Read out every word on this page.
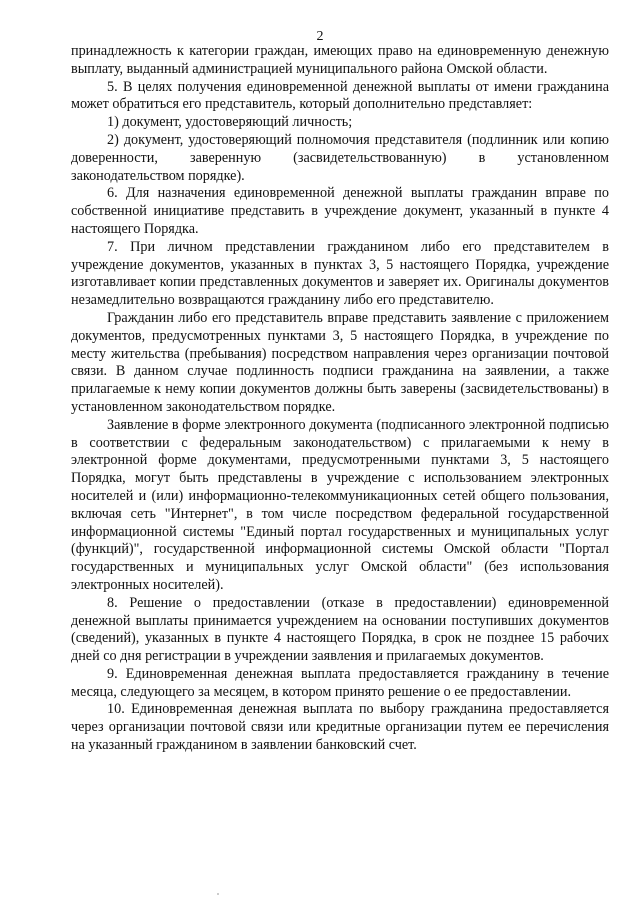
2

принадлежность к категории граждан, имеющих право на единовременную денежную выплату, выданный администрацией муниципального района Омской области.

5. В целях получения единовременной денежной выплаты от имени гражданина может обратиться его представитель, который дополнительно представляет:

1) документ, удостоверяющий личность;

2) документ, удостоверяющий полномочия представителя (подлинник или копию доверенности, заверенную (засвидетельствованную) в установленном законодательством порядке).

6. Для назначения единовременной денежной выплаты гражданин вправе по собственной инициативе представить в учреждение документ, указанный в пункте 4 настоящего Порядка.

7. При личном представлении гражданином либо его представителем в учреждение документов, указанных в пунктах 3, 5 настоящего Порядка, учреждение изготавливает копии представленных документов и заверяет их. Оригиналы документов незамедлительно возвращаются гражданину либо его представителю.

Гражданин либо его представитель вправе представить заявление с приложением документов, предусмотренных пунктами 3, 5 настоящего Порядка, в учреждение по месту жительства (пребывания) посредством направления через организации почтовой связи. В данном случае подлинность подписи гражданина на заявлении, а также прилагаемые к нему копии документов должны быть заверены (засвидетельствованы) в установленном законодательством порядке.

Заявление в форме электронного документа (подписанного электронной подписью в соответствии с федеральным законодательством) с прилагаемыми к нему в электронной форме документами, предусмотренными пунктами 3, 5 настоящего Порядка, могут быть представлены в учреждение с использованием электронных носителей и (или) информационно-телекоммуникационных сетей общего пользования, включая сеть "Интернет", в том числе посредством федеральной государственной информационной системы "Единый портал государственных и муниципальных услуг (функций)", государственной информационной системы Омской области "Портал государственных и муниципальных услуг Омской области" (без использования электронных носителей).

8. Решение о предоставлении (отказе в предоставлении) единовременной денежной выплаты принимается учреждением на основании поступивших документов (сведений), указанных в пункте 4 настоящего Порядка, в срок не позднее 15 рабочих дней со дня регистрации в учреждении заявления и прилагаемых документов.

9. Единовременная денежная выплата предоставляется гражданину в течение месяца, следующего за месяцем, в котором принято решение о ее предоставлении.

10. Единовременная денежная выплата по выбору гражданина предоставляется через организации почтовой связи или кредитные организации путем ее перечисления на указанный гражданином в заявлении банковский счет.
